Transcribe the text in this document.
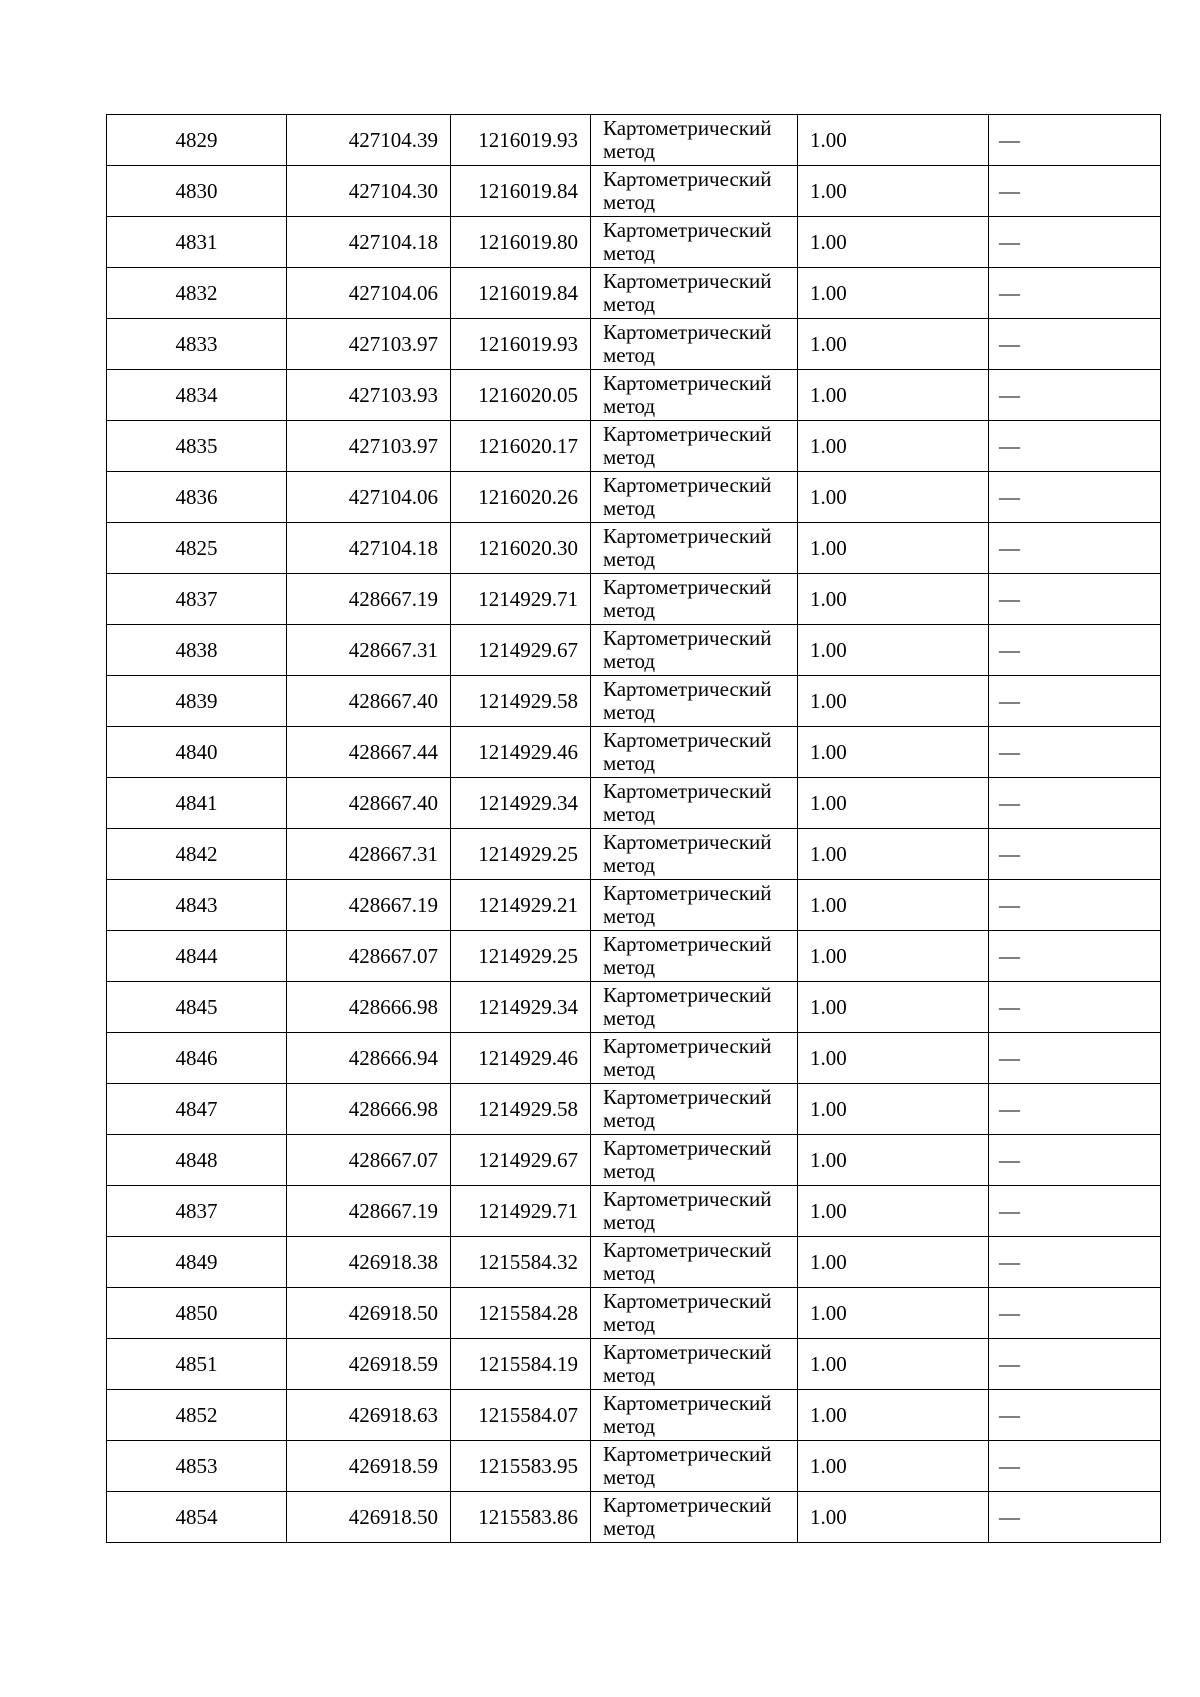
4829	427104.39	1216019.93	Картометрический
метод	1.00	—
4830	427104.30	1216019.84	Картометрический
метод	1.00	—
4831	427104.18	1216019.80	Картометрический
метод	1.00	—
4832	427104.06	1216019.84	Картометрический
метод	1.00	—
4833	427103.97	1216019.93	Картометрический
метод	1.00	—
4834	427103.93	1216020.05	Картометрический
метод	1.00	—
4835	427103.97	1216020.17	Картометрический
метод	1.00	—
4836	427104.06	1216020.26	Картометрический
метод	1.00	—
4825	427104.18	1216020.30	Картометрический
метод	1.00	—
4837	428667.19	1214929.71	Картометрический
метод	1.00	—
4838	428667.31	1214929.67	Картометрический
метод	1.00	—
4839	428667.40	1214929.58	Картометрический
метод	1.00	—
4840	428667.44	1214929.46	Картометрический
метод	1.00	—
4841	428667.40	1214929.34	Картометрический
метод	1.00	—
4842	428667.31	1214929.25	Картометрический
метод	1.00	—
4843	428667.19	1214929.21	Картометрический
метод	1.00	—
4844	428667.07	1214929.25	Картометрический
метод	1.00	—
4845	428666.98	1214929.34	Картометрический
метод	1.00	—
4846	428666.94	1214929.46	Картометрический
метод	1.00	—
4847	428666.98	1214929.58	Картометрический
метод	1.00	—
4848	428667.07	1214929.67	Картометрический
метод	1.00	—
4837	428667.19	1214929.71	Картометрический
метод	1.00	—
4849	426918.38	1215584.32	Картометрический
метод	1.00	—
4850	426918.50	1215584.28	Картометрический
метод	1.00	—
4851	426918.59	1215584.19	Картометрический
метод	1.00	—
4852	426918.63	1215584.07	Картометрический
метод	1.00	—
4853	426918.59	1215583.95	Картометрический
метод	1.00	—
4854	426918.50	1215583.86	Картометрический
метод	1.00	—
